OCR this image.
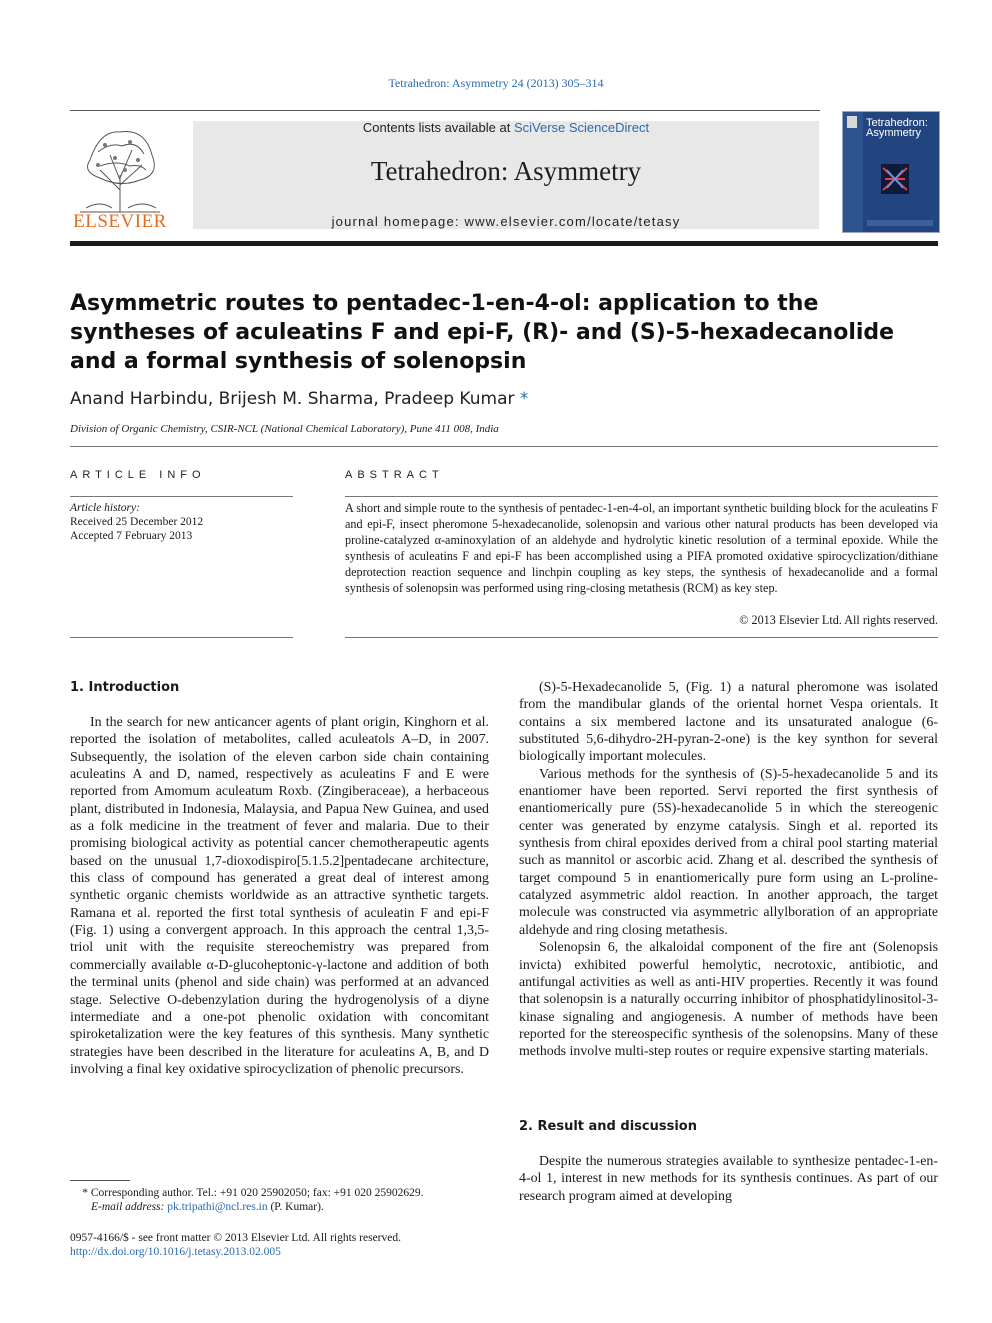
Tetrahedron: Asymmetry 24 (2013) 305–314
ELSEVIER
Contents lists available at SciVerse ScienceDirect
Tetrahedron: Asymmetry
journal homepage: www.elsevier.com/locate/tetasy
Tetrahedron: Asymmetry
Asymmetric routes to pentadec-1-en-4-ol: application to the syntheses of aculeatins F and epi-F, (R)- and (S)-5-hexadecanolide and a formal synthesis of solenopsin
Anand Harbindu, Brijesh M. Sharma, Pradeep Kumar *
Division of Organic Chemistry, CSIR-NCL (National Chemical Laboratory), Pune 411 008, India
ARTICLE INFO
Article history:
Received 25 December 2012
Accepted 7 February 2013
ABSTRACT
A short and simple route to the synthesis of pentadec-1-en-4-ol, an important synthetic building block for the aculeatins F and epi-F, insect pheromone 5-hexadecanolide, solenopsin and various other natural products has been developed via proline-catalyzed α-aminoxylation of an aldehyde and hydrolytic kinetic resolution of a terminal epoxide. While the synthesis of aculeatins F and epi-F has been accomplished using a PIFA promoted oxidative spirocyclization/dithiane deprotection reaction sequence and linchpin coupling as key steps, the synthesis of hexadecanolide and a formal synthesis of solenopsin was performed using ring-closing metathesis (RCM) as key step.
© 2013 Elsevier Ltd. All rights reserved.
1. Introduction

In the search for new anticancer agents of plant origin, Kinghorn et al. reported the isolation of metabolites, called aculeatols A–D, in 2007. Subsequently, the isolation of the eleven carbon side chain containing aculeatins A and D, named, respectively as aculeatins F and E were reported from Amomum aculeatum Roxb. (Zingiberaceae), a herbaceous plant, distributed in Indonesia, Malaysia, and Papua New Guinea, and used as a folk medicine in the treatment of fever and malaria. Due to their promising biological activity as potential cancer chemotherapeutic agents based on the unusual 1,7-dioxodispiro[5.1.5.2]pentadecane architecture, this class of compound has generated a great deal of interest among synthetic organic chemists worldwide as an attractive synthetic targets. Ramana et al. reported the first total synthesis of aculeatin F and epi-F (Fig. 1) using a convergent approach. In this approach the central 1,3,5-triol unit with the requisite stereochemistry was prepared from commercially available α-D-glucoheptonic-γ-lactone and addition of both the terminal units (phenol and side chain) was performed at an advanced stage. Selective O-debenzylation during the hydrogenolysis of a diyne intermediate and a one-pot phenolic oxidation with concomitant spiroketalization were the key features of this synthesis. Many synthetic strategies have been described in the literature for aculeatins A, B, and D involving a final key oxidative spirocyclization of phenolic precursors.

(S)-5-Hexadecanolide 5, (Fig. 1) a natural pheromone was isolated from the mandibular glands of the oriental hornet Vespa orientals. It contains a six membered lactone and its unsaturated analogue (6-substituted 5,6-dihydro-2H-pyran-2-one) is the key synthon for several biologically important molecules.

Various methods for the synthesis of (S)-5-hexadecanolide 5 and its enantiomer have been reported. Servi reported the first synthesis of enantiomerically pure (5S)-hexadecanolide 5 in which the stereogenic center was generated by enzyme catalysis. Singh et al. reported its synthesis from chiral epoxides derived from a chiral pool starting material such as mannitol or ascorbic acid. Zhang et al. described the synthesis of target compound 5 in enantiomerically pure form using an L-proline-catalyzed asymmetric aldol reaction. In another approach, the target molecule was constructed via asymmetric allylboration of an appropriate aldehyde and ring closing metathesis.

Solenopsin 6, the alkaloidal component of the fire ant (Solenopsis invicta) exhibited powerful hemolytic, necrotoxic, antibiotic, and antifungal activities as well as anti-HIV properties. Recently it was found that solenopsin is a naturally occurring inhibitor of phosphatidylinositol-3-kinase signaling and angiogenesis. A number of methods have been reported for the stereospecific synthesis of the solenopsins. Many of these methods involve multi-step routes or require expensive starting materials.

2. Result and discussion

Despite the numerous strategies available to synthesize pentadec-1-en-4-ol 1, interest in new methods for its synthesis continues. As part of our research program aimed at developing

* Corresponding author. Tel.: +91 020 25902050; fax: +91 020 25902629.
E-mail address: pk.tripathi@ncl.res.in (P. Kumar).
0957-4166/$ - see front matter © 2013 Elsevier Ltd. All rights reserved.
http://dx.doi.org/10.1016/j.tetasy.2013.02.005
